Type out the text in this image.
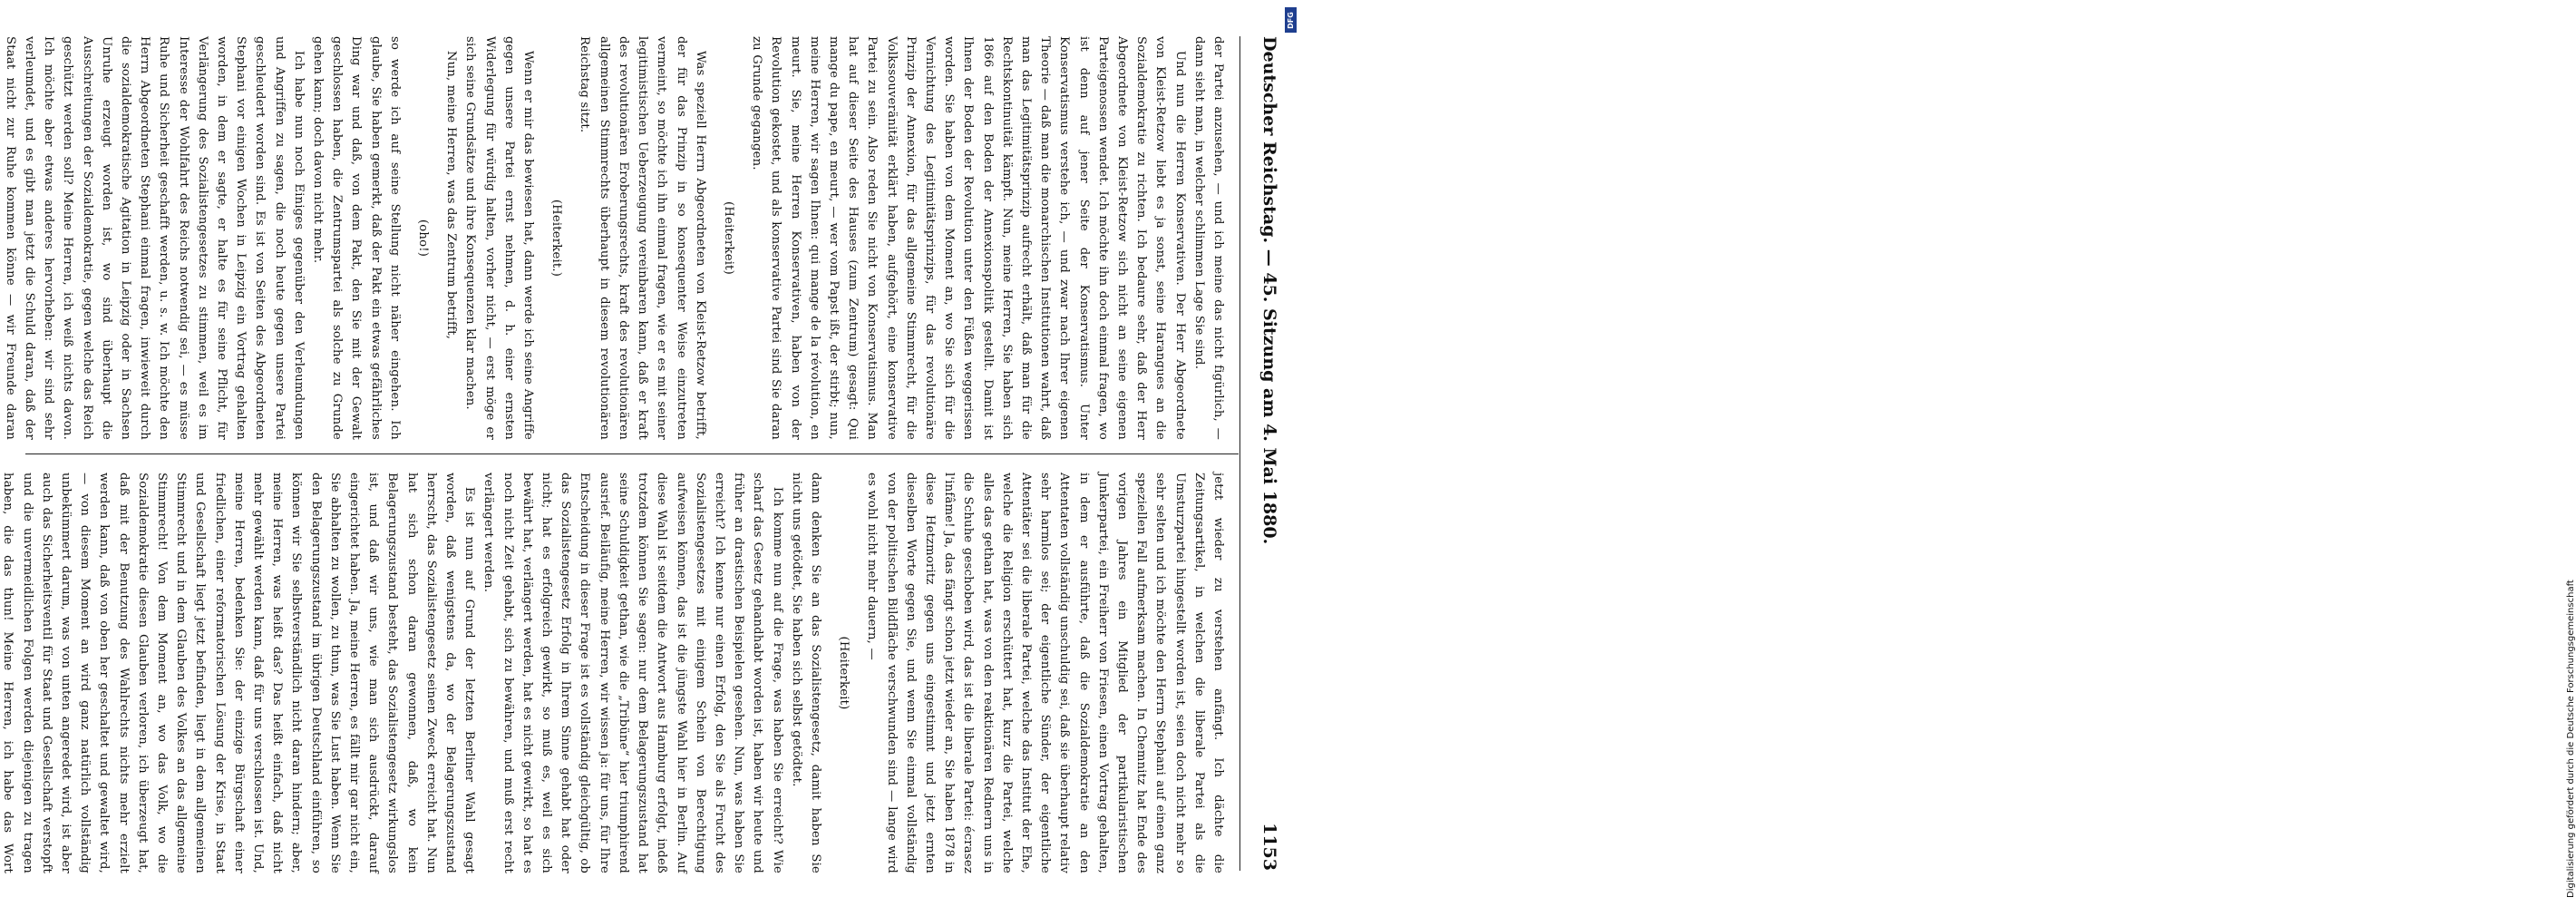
Deutscher Reichstag. — 45. Sitzung am 4. Mai 1880.
1153

der Partei anzusehen, — und ich meine das nicht figürlich, — dann sieht man, in welcher schlimmen Lage Sie sind.

Und nun die Herren Konservativen. Der Herr Abgeordnete von Kleist-Retzow liebt es ja sonst, seine Harangues an die Sozialdemokratie zu richten. Ich bedaure sehr, daß der Herr Abgeordnete von Kleist-Retzow sich nicht an seine eigenen Parteigenossen wendet. Ich möchte ihn doch einmal fragen, wo ist denn auf jener Seite der Konservatismus. Unter Konservatismus verstehe ich, — und zwar nach Ihrer eigenen Theorie — daß man die monarchischen Institutionen wahrt, daß man das Legitimitätsprinzip aufrecht erhält, daß man für die Rechtskontinuität kämpft. Nun, meine Herren, Sie haben sich 1866 auf den Boden der Annexionspolitik gestellt. Damit ist Ihnen der Boden der Revolution unter den Füßen weggerissen worden. Sie haben von dem Moment an, wo Sie sich für die Vernichtung des Legitimitätsprinzips, für das revolutionäre Prinzip der Annexion, für das allgemeine Stimmrecht, für die Volkssouveränität erklärt haben, aufgehört, eine konservative Partei zu sein. Also reden Sie nicht von Konservatismus. Man hat auf dieser Seite des Hauses (zum Zentrum) gesagt: Qui mange du pape, en meurt, — wer vom Papst ißt, der stirbt; nun, meine Herren, wir sagen Ihnen: qui mange de la révolution, en meurt. Sie, meine Herren Konservativen, haben von der Revolution gekostet, und als konservative Partei sind Sie daran zu Grunde gegangen.

(Heiterkeit)

Was speziell Herrn Abgeordneten von Kleist-Retzow betrifft, der für das Prinzip in so konsequenter Weise einzutreten vermeint, so möchte ich ihn einmal fragen, wie er es mit seiner legitimistischen Ueberzeugung vereinbaren kann, daß er kraft des revolutionären Eroberungsrechts, kraft des revolutionären allgemeinen Stimmrechts überhaupt in diesem revolutionären Reichstag sitzt.

(Heiterkeit.)

Wenn er mir das bewiesen hat, dann werde ich seine Angriffe gegen unsere Partei ernst nehmen, d. h. einer ernsten Widerlegung für würdig halten, vorher nicht, — erst möge er sich seine Grundsätze und ihre Konsequenzen klar machen.

Nun, meine Herren, was das Zentrum betrifft,

(oho!)

so werde ich auf seine Stellung nicht näher eingehen. Ich glaube, Sie haben gemerkt, daß der Pakt ein etwas gefährliches Ding war und daß, von dem Pakt, den Sie mit der Gewalt geschlossen haben, die Zentrumspartei als solche zu Grunde gehen kann; doch davon nicht mehr.

Ich habe nun noch Einiges gegenüber den Verleumdungen und Angriffen zu sagen, die noch heute gegen unsere Partei geschleudert worden sind. Es ist von Seiten des Abgeordneten Stephani vor einigen Wochen in Leipzig ein Vortrag gehalten worden, in dem er sagte, er halte es für seine Pflicht, für Verlängerung des Sozialistengesetzes zu stimmen, weil es im Interesse der Wohlfahrt des Reichs notwendig sei, — es müsse Ruhe und Sicherheit geschafft werden, u. s. w. Ich möchte den Herrn Abgeordneten Stephani einmal fragen, inwieweit durch die sozialdemokratische Agitation in Leipzig oder in Sachsen Unruhe erzeugt worden ist, wo sind überhaupt die Ausschreitungen der Sozialdemokratie, gegen welche das Reich geschützt werden soll? Meine Herren, ich weiß nichts davon. Ich möchte aber etwas anderes hervorheben: wir sind sehr verleumdet, und es gibt man jetzt die Schuld daran, daß der Staat nicht zur Ruhe kommen könne — wir Freunde daran

jetzt wieder zu verstehen anfängt. Ich dächte die Zeitungsartikel, in welchen die liberale Partei als die Umsturzpartei hingestellt worden ist, seien doch nicht mehr so sehr selten und ich möchte den Herrn Stephani auf einen ganz speziellen Fall aufmerksam machen. In Chemnitz hat Ende des vorigen Jahres ein Mitglied der partikularistischen Junkerpartei, ein Freiherr von Friesen, einen Vortrag gehalten, in dem er ausführte, daß die Sozialdemokratie an den Attentaten vollständig unschuldig sei, daß sie überhaupt relativ sehr harmlos sei; der eigentliche Sünder, der eigentliche Attentäter sei die liberale Partei, welche das Institut der Ehe, welche die Religion erschüttert hat, kurz die Partei, welche alles das gethan hat, was von den reaktionären Rednern uns in die Schuhe geschoben wird, das ist die liberale Partei: écrasez l'infâme! Ja, das fängt schon jetzt wieder an, Sie haben 1878 in diese Hetzmoritz gegen uns eingestimmt und jetzt ernten dieselben Worte gegen Sie, und wenn Sie einmal vollständig von der politischen Bildfläche verschwunden sind — lange wird es wohl nicht mehr dauern, —

(Heiterkeit)

dann denken Sie an das Sozialistengesetz, damit haben Sie nicht uns getödtet, Sie haben sich selbst getödtet.

Ich komme nun auf die Frage, was haben Sie erreicht? Wie scharf das Gesetz gehandhabt worden ist, haben wir heute und früher an drastischen Beispielen gesehen. Nun, was haben Sie erreicht? Ich kenne nur einen Erfolg, den Sie als Frucht des Sozialistengesetzes mit einigem Schein von Berechtigung aufweisen können, das ist die jüngste Wahl hier in Berlin. Auf diese Wahl ist seitdem die Antwort aus Hamburg erfolgt, indeß trotzdem können Sie sagen: nur dem Belagerungszustand hat seine Schuldigkeit gethan, wie die „Tribüne“ hier triumphirend ausrief. Beiläufig, meine Herren, wir wissen ja: für uns, für Ihre Entscheidung in dieser Frage ist es vollständig gleichgültig, ob das Sozialistengesetz Erfolg in Ihrem Sinne gehabt hat oder nicht; hat es erfolgreich gewirkt, so muß es, weil es sich bewährt hat, verlängert werden, hat es nicht gewirkt, so hat es noch nicht Zeit gehabt, sich zu bewähren, und muß erst recht verlängert werden.

Es ist nun auf Grund der letzten Berliner Wahl gesagt worden, daß wenigstens da, wo der Belagerungszustand herrscht, das Sozialistengesetz seinen Zweck erreicht hat. Nun hat sich schon daran gewonnen, daß, wo kein Belagerungszustand besteht, das Sozialistengesetz wirkungslos ist, und daß wir uns, wie man sich ausdrückt, darauf eingerichtet haben. Ja, meine Herren, es fällt mir gar nicht ein, Sie abhalten zu wollen, zu thun, was Sie Lust haben. Wenn Sie den Belagerungszustand im übrigen Deutschland einführen, so können wir Sie selbstverständlich nicht daran hindern; aber, meine Herren, was heißt das? Das heißt einfach, daß nicht mehr gewählt werden kann, daß für uns verschlossen ist. Und, meine Herren, bedenken Sie: der einzige Bürgschaft einer friedlichen, einer reformatorischen Lösung der Krise, in Staat und Gesellschaft liegt jetzt befinden, liegt in dem allgemeinen Stimmrecht und in dem Glauben des Volkes an das allgemeine Stimmrecht! Von dem Moment an, wo das Volk, wo die Sozialdemokratie diesen Glauben verloren, ich überzeugt hat, daß mit der Benutzung des Wahlrechts nichts mehr erzielt werden kann, daß von oben her geschaltet und gewaltet wird, — von diesem Moment an wird ganz natürlich vollständig unbekümmert darum, was von unten angeredet wird, ist aber auch das Sicherheitsventil für Staat und Gesellschaft verstopft und die unvermeidlichen Folgen werden diejenigen zu tragen haben, die das thun! Meine Herren, ich habe das Wort	Digitalisierung gefördert durch die Deutsche Forschungsgemeinschaft
DFG
